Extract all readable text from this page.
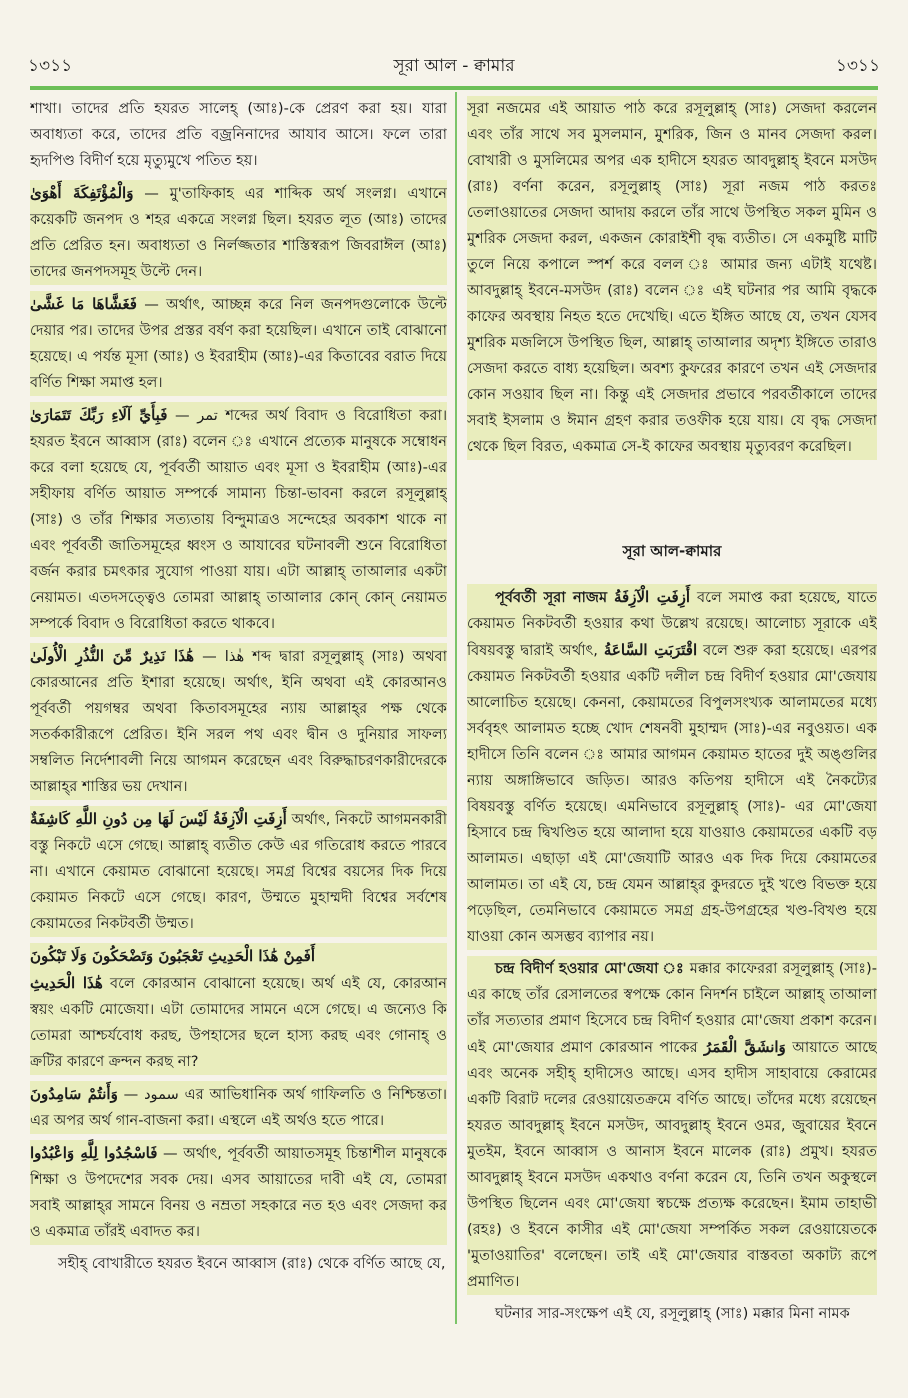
১৩১১	সূরা আল - ক্বামার	১৩১১

শাখা। তাদের প্রতি হযরত সালেহ্‌ (আঃ)-কে প্রেরণ করা হয়। যারা অবাধ্যতা করে, তাদের প্রতি বজ্রনিনাদের আযাব আসে। ফলে তারা হৃদপিণ্ড বিদীর্ণ হয়ে মৃত্যুমুখে পতিত হয়।

وَالْمُؤْتَفِكَةَ أَهْوَىٰ — মু'তাফিকাহ এর শাব্দিক অর্থ সংলগ্ন। এখানে কয়েকটি জনপদ ও শহর একত্রে সংলগ্ন ছিল। হযরত লূত (আঃ) তাদের প্রতি প্রেরিত হন। অবাধ্যতা ও নির্লজ্জতার শাস্তিস্বরূপ জিবরাঈল (আঃ) তাদের জনপদসমূহ উল্টে দেন।

فَغَشَّاهَا مَا غَشَّىٰ — অর্থাৎ, আচ্ছন্ন করে নিল জনপদগুলোকে উল্টে দেয়ার পর। তাদের উপর প্রস্তর বর্ষণ করা হয়েছিল। এখানে তাই বোঝানো হয়েছে। এ পর্যন্ত মূসা (আঃ) ও ইবরাহীম (আঃ)-এর কিতাবের বরাত দিয়ে বর্ণিত শিক্ষা সমাপ্ত হল।

فَبِأَيِّ آلَاءِ رَبِّكَ تَتَمَارَىٰ — تمر শব্দের অর্থ বিবাদ ও বিরোধিতা করা। হযরত ইবনে আব্বাস (রাঃ) বলেন ঃ এখানে প্রত্যেক মানুষকে সম্বোধন করে বলা হয়েছে যে, পূর্ববর্তী আয়াত এবং মূসা ও ইবরাহীম (আঃ)-এর সহীফায় বর্ণিত আয়াত সম্পর্কে সামান্য চিন্তা-ভাবনা করলে রসূলুল্লাহ্‌ (সাঃ) ও তাঁর শিক্ষার সত্যতায় বিন্দুমাত্রও সন্দেহের অবকাশ থাকে না এবং পূর্ববর্তী জাতিসমূহের ধ্বংস ও আযাবের ঘটনাবলী শুনে বিরোধিতা বর্জন করার চমৎকার সুযোগ পাওয়া যায়। এটা আল্লাহ্‌ তাআলার একটা নেয়ামত। এতদসত্ত্বেও তোমরা আল্লাহ্‌ তাআলার কোন্‌ কোন্‌ নেয়ামত সম্পর্কে বিবাদ ও বিরোধিতা করতে থাকবে।

هَٰذَا نَذِيرٌ مِّنَ النُّذُرِ الْأُولَىٰ — هٰذا শব্দ দ্বারা রসূলুল্লাহ্‌ (সাঃ) অথবা কোরআনের প্রতি ইশারা হয়েছে। অর্থাৎ, ইনি অথবা এই কোরআনও পূর্ববর্তী পয়গম্বর অথবা কিতাবসমূহের ন্যায় আল্লাহ্‌র পক্ষ থেকে সতর্ককারীরূপে প্রেরিত। ইনি সরল পথ এবং দ্বীন ও দুনিয়ার সাফল্য সম্বলিত নির্দেশাবলী নিয়ে আগমন করেছেন এবং বিরুদ্ধাচরণকারীদেরকে আল্লাহ্‌র শাস্তির ভয় দেখান।

أَزِفَتِ الْآزِفَةُ لَيْسَ لَهَا مِن دُونِ اللَّهِ كَاشِفَةٌ অর্থাৎ, নিকটে আগমনকারী বস্তু নিকটে এসে গেছে। আল্লাহ্‌ ব্যতীত কেউ এর গতিরোধ করতে পারবে না। এখানে কেয়ামত বোঝানো হয়েছে। সমগ্র বিশ্বের বয়সের দিক দিয়ে কেয়ামত নিকটে এসে গেছে। কারণ, উম্মতে মুহাম্মদী বিশ্বের সর্বশেষ কেয়ামতের নিকটবর্তী উম্মত।

أَفَمِنْ هَٰذَا الْحَدِيثِ تَعْجَبُونَ وَتَضْحَكُونَ وَلَا تَبْكُونَ
هَٰذَا الْحَدِيثِ বলে কোরআন বোঝানো হয়েছে। অর্থ এই যে, কোরআন স্বয়ং একটি মোজেযা। এটা তোমাদের সামনে এসে গেছে। এ জন্যেও কি তোমরা আশ্চর্যবোধ করছ, উপহাসের ছলে হাস্য করছ এবং গোনাহ্‌ ও ক্রটির কারণে ক্রন্দন করছ না?

وَأَنتُمْ سَامِدُونَ — سمود এর আভিধানিক অর্থ গাফিলতি ও নিশ্চিন্ততা। এর অপর অর্থ গান-বাজনা করা। এস্থলে এই অর্থও হতে পারে।

فَاسْجُدُوا لِلَّهِ وَاعْبُدُوا — অর্থাৎ, পূর্ববর্তী আয়াতসমূহ চিন্তাশীল মানুষকে শিক্ষা ও উপদেশের সবক দেয়। এসব আয়াতের দাবী এই যে, তোমরা সবাই আল্লাহ্‌র সামনে বিনয় ও নম্রতা সহকারে নত হও এবং সেজদা কর ও একমাত্র তাঁরই এবাদত কর।

সহীহ্‌ বোখারীতে হযরত ইবনে আব্বাস (রাঃ) থেকে বর্ণিত আছে যে,

সূরা নজমের এই আয়াত পাঠ করে রসূলুল্লাহ্‌ (সাঃ) সেজদা করলেন এবং তাঁর সাথে সব মুসলমান, মুশরিক, জিন ও মানব সেজদা করল। বোখারী ও মুসলিমের অপর এক হাদীসে হযরত আবদুল্লাহ্‌ ইবনে মসউদ (রাঃ) বর্ণনা করেন, রসূলুল্লাহ্‌ (সাঃ) সূরা নজম পাঠ করতঃ তেলাওয়াতের সেজদা আদায় করলে তাঁর সাথে উপস্থিত সকল মুমিন ও মুশরিক সেজদা করল, একজন কোরাইশী বৃদ্ধ ব্যতীত। সে একমুষ্টি মাটি তুলে নিয়ে কপালে স্পর্শ করে বলল ঃ আমার জন্য এটাই যথেষ্ট। আবদুল্লাহ্‌ ইবনে-মসউদ (রাঃ) বলেন ঃ এই ঘটনার পর আমি বৃদ্ধকে কাফের অবস্থায় নিহত হতে দেখেছি। এতে ইঙ্গিত আছে যে, তখন যেসব মুশরিক মজলিসে উপস্থিত ছিল, আল্লাহ্‌ তাআলার অদৃশ্য ইঙ্গিতে তারাও সেজদা করতে বাধ্য হয়েছিল। অবশ্য কুফরের কারণে তখন এই সেজদার কোন সওয়াব ছিল না। কিন্তু এই সেজদার প্রভাবে পরবর্তীকালে তাদের সবাই ইসলাম ও ঈমান গ্রহণ করার তওফীক হয়ে যায়। যে বৃদ্ধ সেজদা থেকে ছিল বিরত, একমাত্র সে-ই কাফের অবস্থায় মৃত্যুবরণ করেছিল।

সূরা আল-ক্বামার

পূর্ববর্তী সূরা নাজম أَزِفَتِ الْآزِفَةُ বলে সমাপ্ত করা হয়েছে, যাতে কেয়ামত নিকটবর্তী হওয়ার কথা উল্লেখ রয়েছে। আলোচ্য সূরাকে এই বিষয়বস্তু দ্বারাই অর্থাৎ, اقْتَرَبَتِ السَّاعَةُ বলে শুরু করা হয়েছে। এরপর কেয়ামত নিকটবর্তী হওয়ার একটি দলীল চন্দ্র বিদীর্ণ হওয়ার মো'জেযায় আলোচিত হয়েছে। কেননা, কেয়ামতের বিপুলসংখ্যক আলামতের মধ্যে সর্ববৃহৎ আলামত হচ্ছে খোদ শেষনবী মুহাম্মদ (সাঃ)-এর নবুওয়ত। এক হাদীসে তিনি বলেন ঃ আমার আগমন কেয়ামত হাতের দুই অঙ্গুলির ন্যায় অঙ্গাঙ্গিভাবে জড়িত। আরও কতিপয় হাদীসে এই নৈকট্যের বিষয়বস্তু বর্ণিত হয়েছে। এমনিভাবে রসূলুল্লাহ্‌ (সাঃ)- এর মো'জেযা হিসাবে চন্দ্র দ্বিখণ্ডিত হয়ে আলাদা হয়ে যাওয়াও কেয়ামতের একটি বড় আলামত। এছাড়া এই মো'জেযাটি আরও এক দিক দিয়ে কেয়ামতের আলামত। তা এই যে, চন্দ্র যেমন আল্লাহ্‌র কুদরতে দুই খণ্ডে বিভক্ত হয়ে পড়েছিল, তেমনিভাবে কেয়ামতে সমগ্র গ্রহ-উপগ্রহের খণ্ড-বিখণ্ড হয়ে যাওয়া কোন অসম্ভব ব্যাপার নয়।

চন্দ্র বিদীর্ণ হওয়ার মো'জেযা ঃ মক্কার কাফেররা রসূলুল্লাহ্‌ (সাঃ)-এর কাছে তাঁর রেসালতের স্বপক্ষে কোন নিদর্শন চাইলে আল্লাহ্‌ তাআলা তাঁর সত্যতার প্রমাণ হিসেবে চন্দ্র বিদীর্ণ হওয়ার মো'জেযা প্রকাশ করেন। এই মো'জেযার প্রমাণ কোরআন পাকের وَانشَقَّ الْقَمَرُ আয়াতে আছে এবং অনেক সহীহ্‌ হাদীসেও আছে। এসব হাদীস সাহাবায়ে কেরামের একটি বিরাট দলের রেওয়ায়েতক্রমে বর্ণিত আছে। তাঁদের মধ্যে রয়েছেন হযরত আবদুল্লাহ্‌ ইবনে মসউদ, আবদুল্লাহ্‌ ইবনে ওমর, জুবায়ের ইবনে মুতইম, ইবনে আব্বাস ও আনাস ইবনে মালেক (রাঃ) প্রমুখ। হযরত আবদুল্লাহ্‌ ইবনে মসউদ একথাও বর্ণনা করেন যে, তিনি তখন অকুস্থলে উপস্থিত ছিলেন এবং মো'জেযা স্বচক্ষে প্রত্যক্ষ করেছেন। ইমাম তাহাভী (রহঃ) ও ইবনে কাসীর এই মো'জেযা সম্পর্কিত সকল রেওয়ায়েতকে 'মুতাওয়াতির' বলেছেন। তাই এই মো'জেযার বাস্তবতা অকাট্য রূপে প্রমাণিত।

ঘটনার সার-সংক্ষেপ এই যে, রসূলুল্লাহ্‌ (সাঃ) মক্কার মিনা নামক
